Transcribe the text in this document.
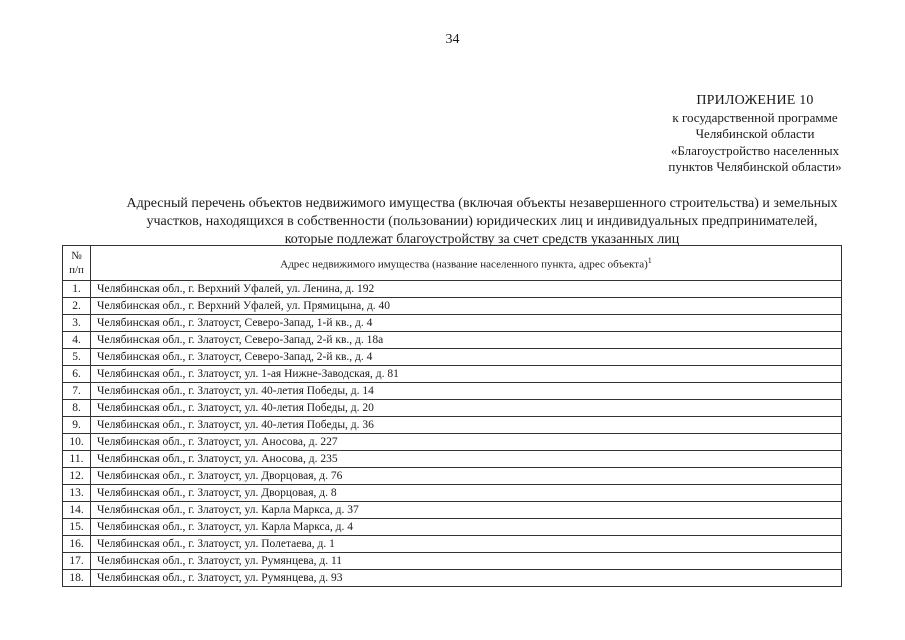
34
ПРИЛОЖЕНИЕ 10
к государственной программе
Челябинской области
«Благоустройство населенных
пунктов Челябинской области»
Адресный перечень объектов недвижимого имущества (включая объекты незавершенного строительства) и земельных
участков, находящихся в собственности (пользовании) юридических лиц и индивидуальных предпринимателей,
которые подлежат благоустройству за счет средств указанных лиц
№
п/п	Адрес недвижимого имущества (название населенного пункта, адрес объекта)$^1$
1.	Челябинская обл., г. Верхний Уфалей, ул. Ленина, д. 192
2.	Челябинская обл., г. Верхний Уфалей, ул. Прямицына, д. 40
3.	Челябинская обл., г. Златоуст, Северо-Запад, 1-й кв., д. 4
4.	Челябинская обл., г. Златоуст, Северо-Запад, 2-й кв., д. 18а
5.	Челябинская обл., г. Златоуст, Северо-Запад, 2-й кв., д. 4
6.	Челябинская обл., г. Златоуст, ул. 1-ая Нижне-Заводская, д. 81
7.	Челябинская обл., г. Златоуст, ул. 40-летия Победы, д. 14
8.	Челябинская обл., г. Златоуст, ул. 40-летия Победы, д. 20
9.	Челябинская обл., г. Златоуст, ул. 40-летия Победы, д. 36
10.	Челябинская обл., г. Златоуст, ул. Аносова, д. 227
11.	Челябинская обл., г. Златоуст, ул. Аносова, д. 235
12.	Челябинская обл., г. Златоуст, ул. Дворцовая, д. 76
13.	Челябинская обл., г. Златоуст, ул. Дворцовая, д. 8
14.	Челябинская обл., г. Златоуст, ул. Карла Маркса, д. 37
15.	Челябинская обл., г. Златоуст, ул. Карла Маркса, д. 4
16.	Челябинская обл., г. Златоуст, ул. Полетаева, д. 1
17.	Челябинская обл., г. Златоуст, ул. Румянцева, д. 11
18.	Челябинская обл., г. Златоуст, ул. Румянцева, д. 93
